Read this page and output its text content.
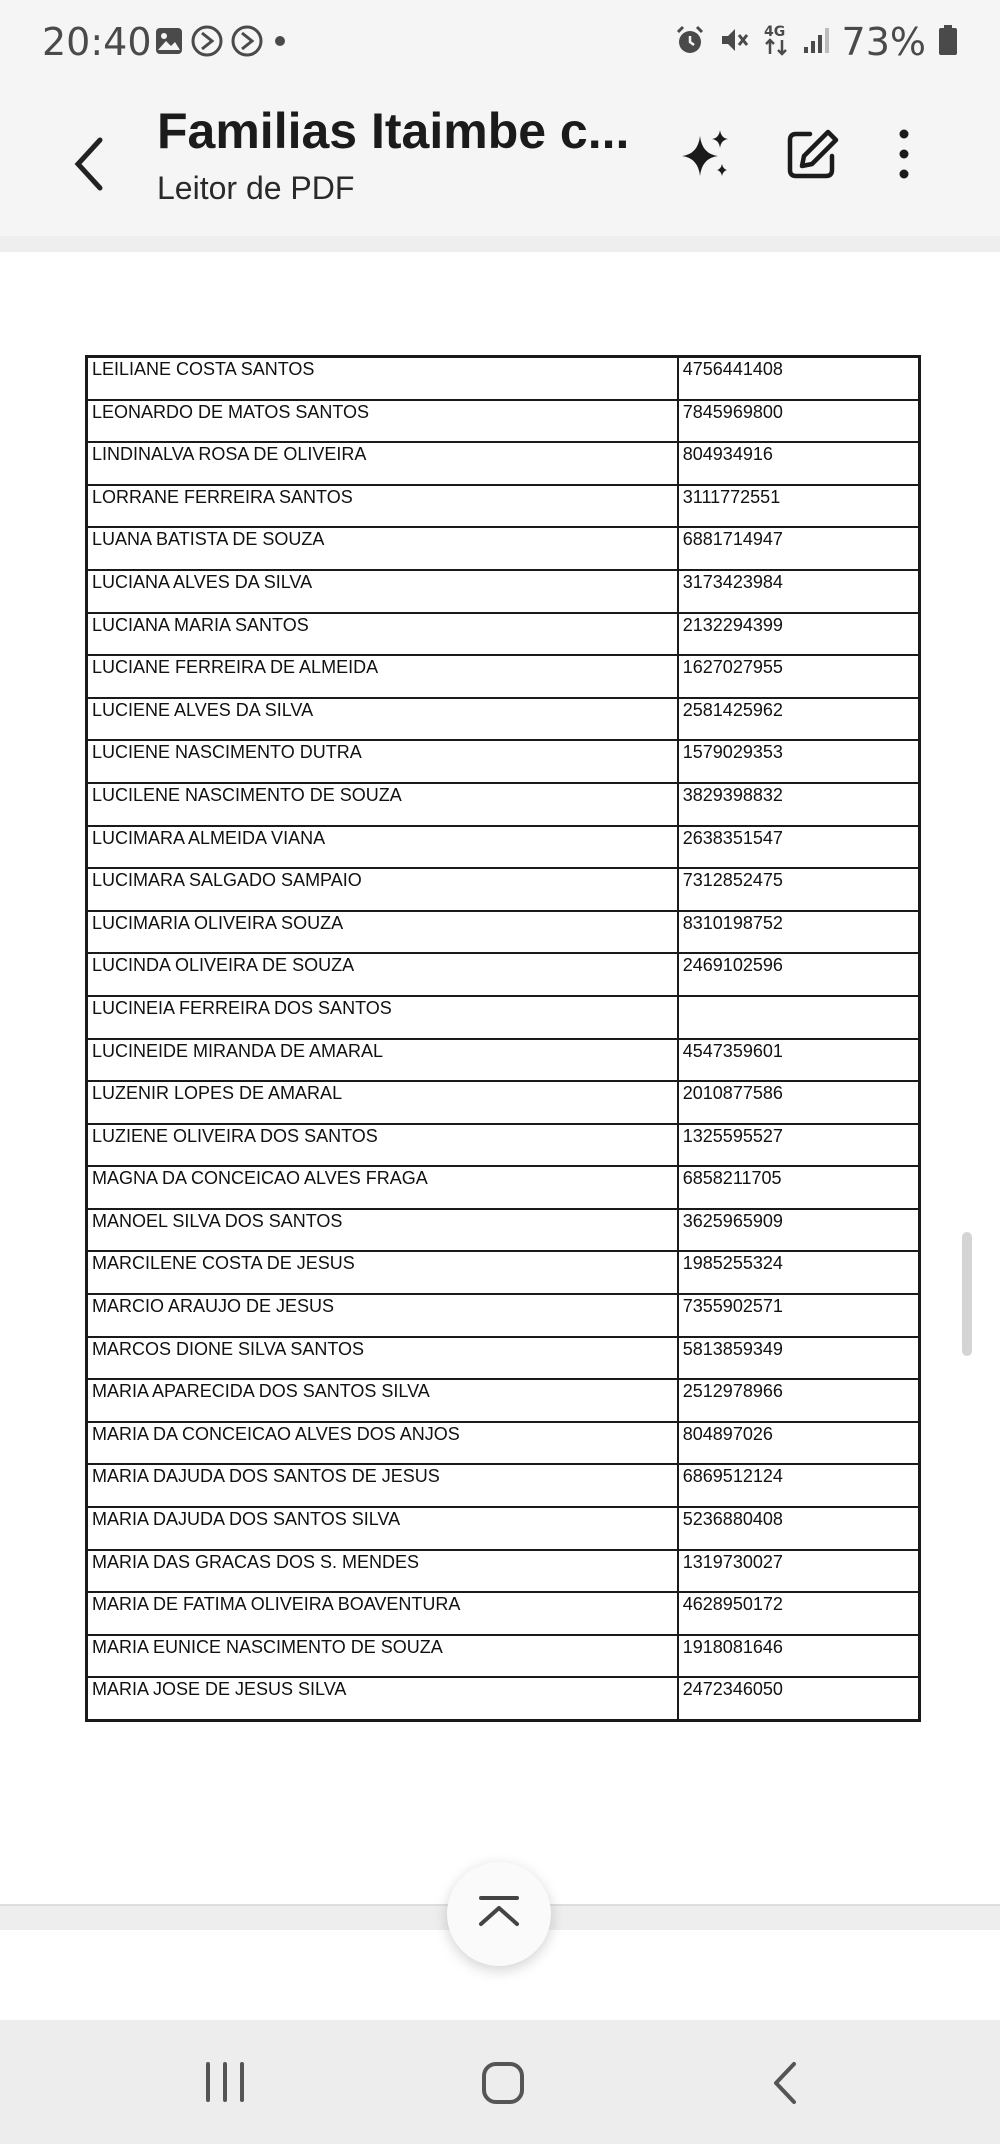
20:40	4G 73%
Familias Itaimbe c...
Leitor de PDF
LEILIANE COSTA SANTOS	4756441408
LEONARDO DE MATOS SANTOS	7845969800
LINDINALVA ROSA DE OLIVEIRA	804934916
LORRANE FERREIRA SANTOS	3111772551
LUANA BATISTA DE SOUZA	6881714947
LUCIANA ALVES DA SILVA	3173423984
LUCIANA MARIA SANTOS	2132294399
LUCIANE FERREIRA DE ALMEIDA	1627027955
LUCIENE ALVES DA SILVA	2581425962
LUCIENE NASCIMENTO DUTRA	1579029353
LUCILENE NASCIMENTO DE SOUZA	3829398832
LUCIMARA ALMEIDA VIANA	2638351547
LUCIMARA SALGADO SAMPAIO	7312852475
LUCIMARIA OLIVEIRA SOUZA	8310198752
LUCINDA OLIVEIRA DE SOUZA	2469102596
LUCINEIA FERREIRA DOS SANTOS	
LUCINEIDE MIRANDA DE AMARAL	4547359601
LUZENIR LOPES DE AMARAL	2010877586
LUZIENE OLIVEIRA DOS SANTOS	1325595527
MAGNA DA CONCEICAO ALVES FRAGA	6858211705
MANOEL SILVA DOS SANTOS	3625965909
MARCILENE COSTA DE JESUS	1985255324
MARCIO ARAUJO DE JESUS	7355902571
MARCOS DIONE SILVA SANTOS	5813859349
MARIA APARECIDA DOS SANTOS SILVA	2512978966
MARIA DA CONCEICAO ALVES DOS ANJOS	804897026
MARIA DAJUDA DOS SANTOS DE JESUS	6869512124
MARIA DAJUDA DOS SANTOS SILVA	5236880408
MARIA DAS GRACAS DOS S. MENDES	1319730027
MARIA DE FATIMA OLIVEIRA BOAVENTURA	4628950172
MARIA EUNICE NASCIMENTO DE SOUZA	1918081646
MARIA JOSE DE JESUS SILVA	2472346050
